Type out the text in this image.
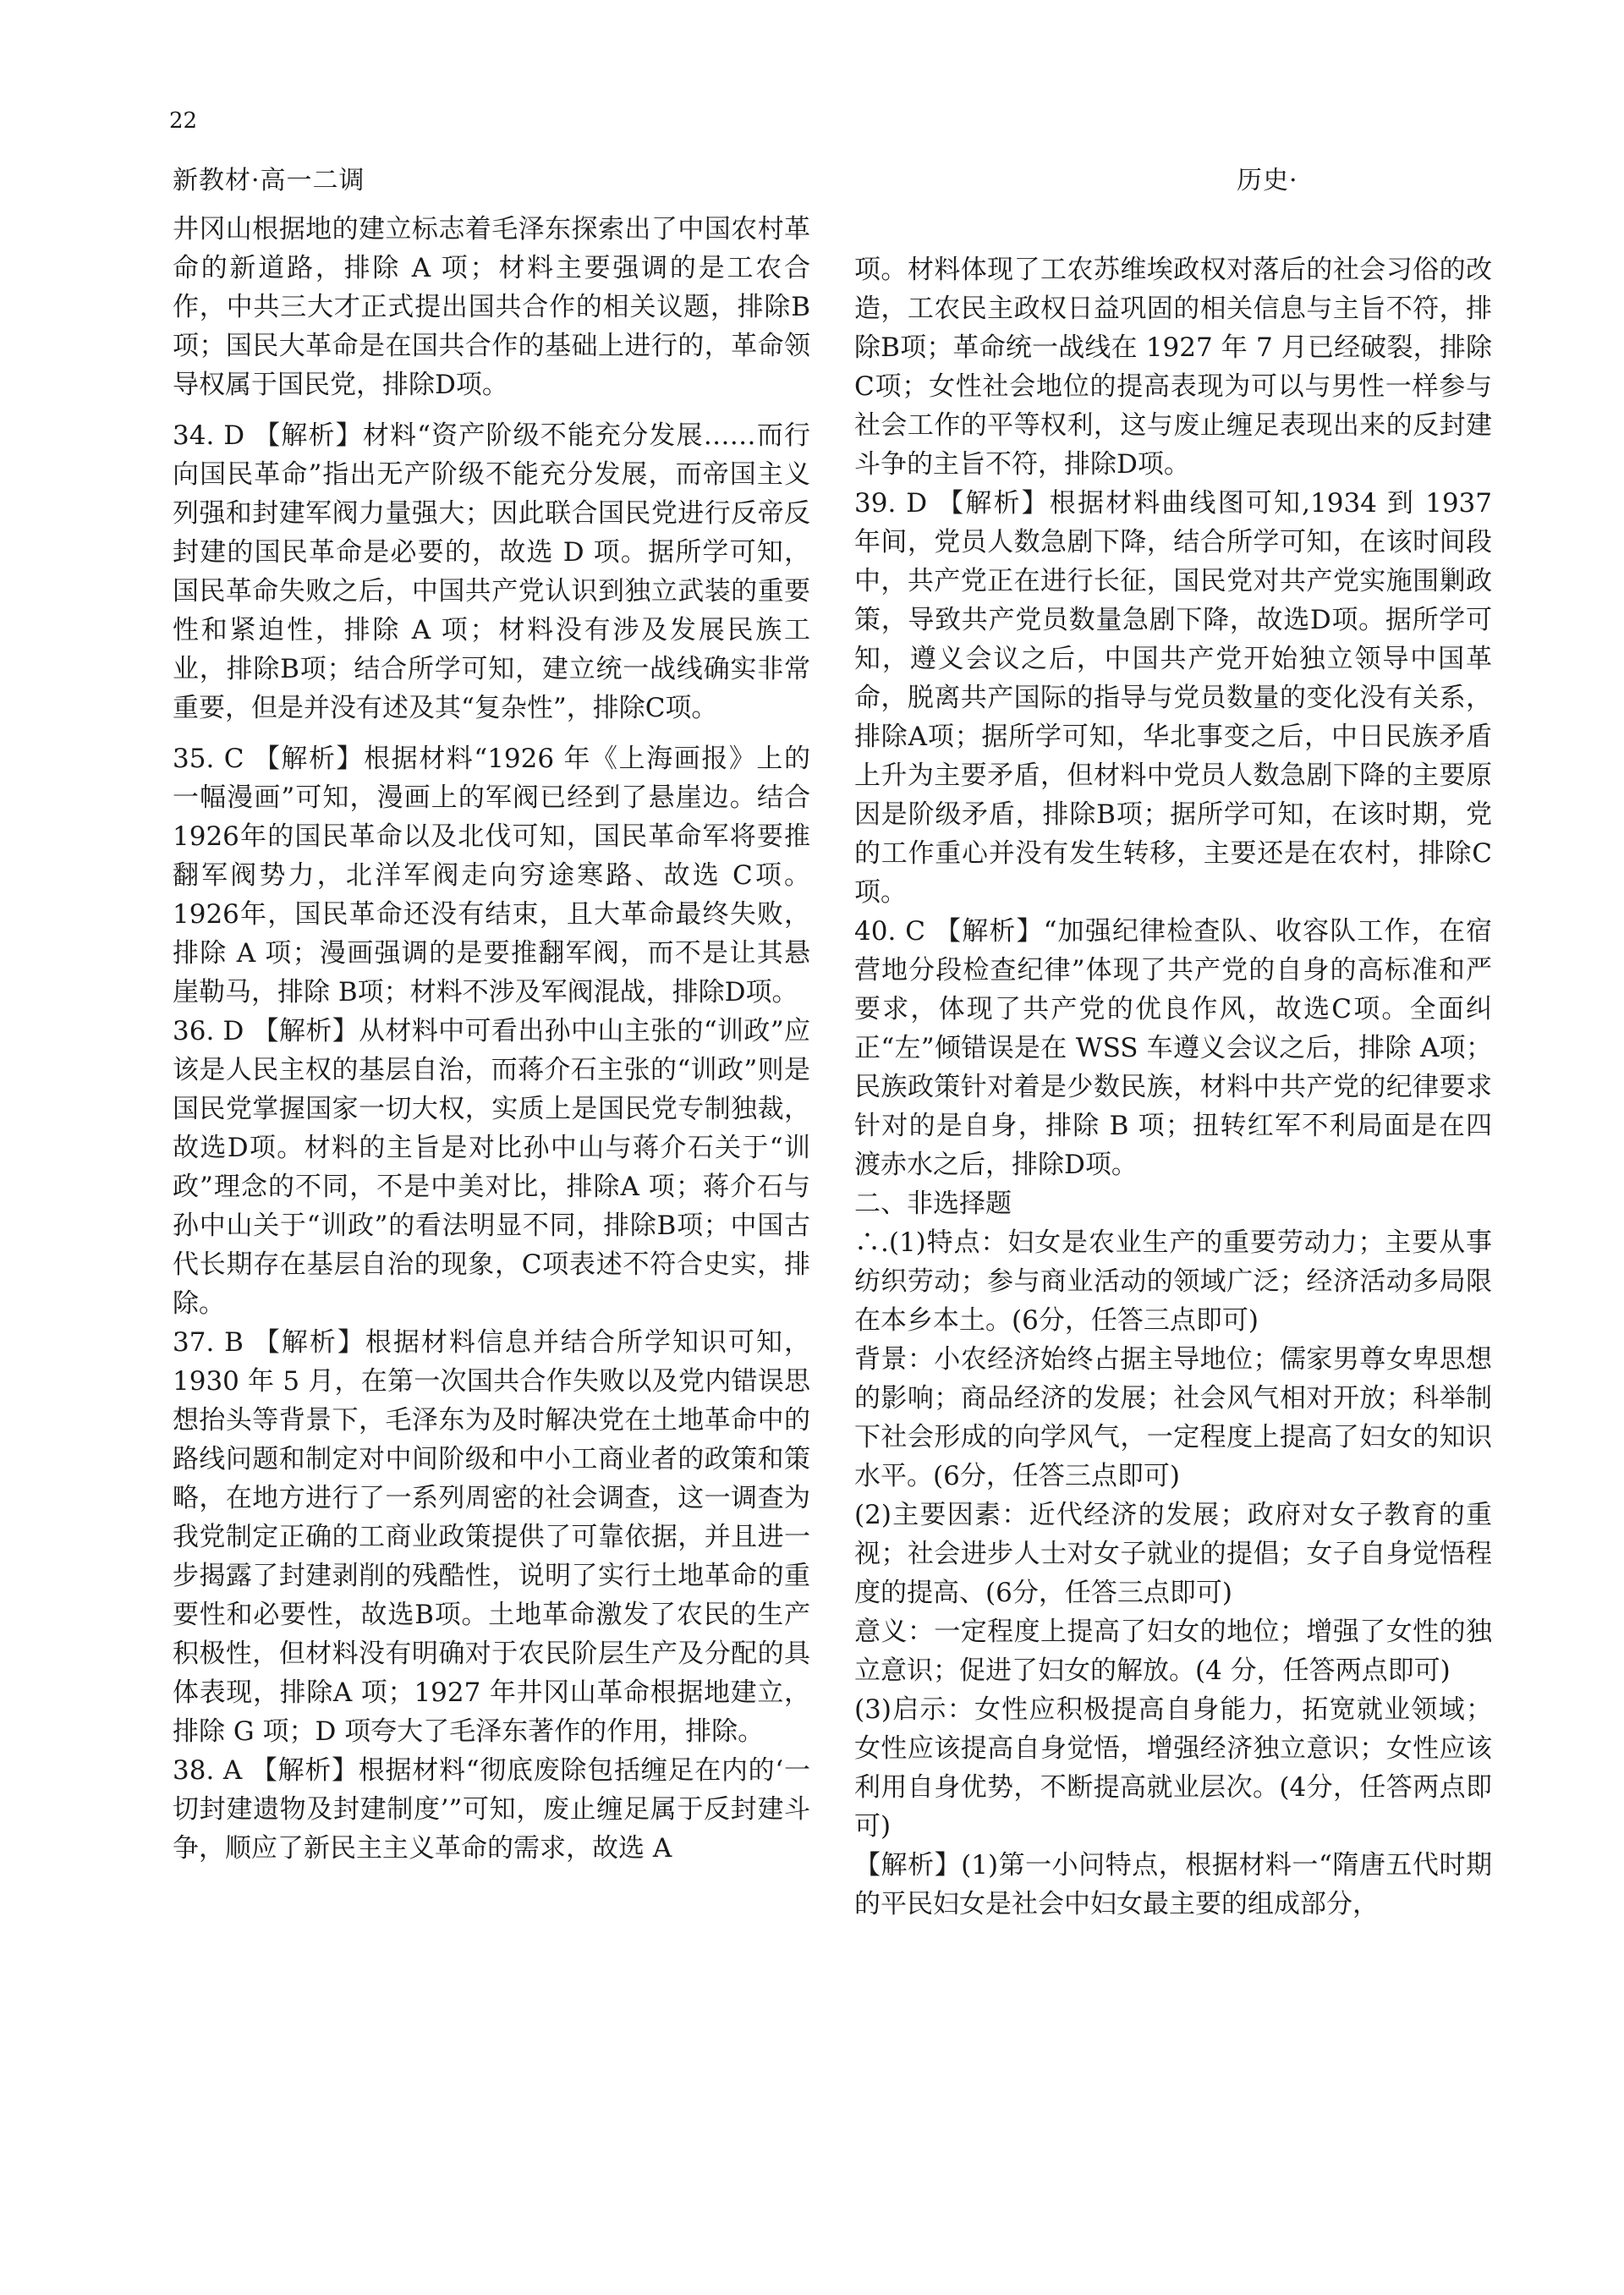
22
新教材·高一二调	历史·

井冈山根据地的建立标志着毛泽东探索出了中国农村革命的新道路，排除 A 项；材料主要强调的是工农合作，中共三大才正式提出国共合作的相关议题，排除B项；国民大革命是在国共合作的基础上进行的，革命领导权属于国民党，排除D项。

34. D 【解析】材料“资产阶级不能充分发展……而行向国民革命”指出无产阶级不能充分发展，而帝国主义列强和封建军阀力量强大；因此联合国民党进行反帝反封建的国民革命是必要的，故选 D 项。据所学可知，国民革命失败之后，中国共产党认识到独立武装的重要性和紧迫性，排除 A 项；材料没有涉及发展民族工业，排除B项；结合所学可知，建立统一战线确实非常重要，但是并没有述及其“复杂性”，排除C项。

35. C 【解析】根据材料“1926 年《上海画报》上的一幅漫画”可知，漫画上的军阀已经到了悬崖边。结合1926年的国民革命以及北伐可知，国民革命军将要推翻军阀势力，北洋军阀走向穷途寒路、故选 C项。1926年，国民革命还没有结束，且大革命最终失败，排除 A 项；漫画强调的是要推翻军阀，而不是让其悬崖勒马，排除 B项；材料不涉及军阀混战，排除D项。

36. D 【解析】从材料中可看出孙中山主张的“训政”应该是人民主权的基层自治，而蒋介石主张的“训政”则是国民党掌握国家一切大权，实质上是国民党专制独裁，故选D项。材料的主旨是对比孙中山与蒋介石关于“训政”理念的不同，不是中美对比，排除A 项；蒋介石与孙中山关于“训政”的看法明显不同，排除B项；中国古代长期存在基层自治的现象，C项表述不符合史实，排除。

37. B 【解析】根据材料信息并结合所学知识可知，1930 年 5 月，在第一次国共合作失败以及党内错误思想抬头等背景下，毛泽东为及时解决党在土地革命中的路线问题和制定对中间阶级和中小工商业者的政策和策略，在地方进行了一系列周密的社会调查，这一调查为我党制定正确的工商业政策提供了可靠依据，并且进一步揭露了封建剥削的残酷性，说明了实行土地革命的重要性和必要性，故选B项。土地革命激发了农民的生产积极性，但材料没有明确对于农民阶层生产及分配的具体表现，排除A 项；1927 年井冈山革命根据地建立，排除 G 项；D 项夸大了毛泽东著作的作用，排除。

38. A 【解析】根据材料“彻底废除包括缠足在内的‘一切封建遗物及封建制度’”可知，废止缠足属于反封建斗争，顺应了新民主主义革命的需求，故选 A

项。材料体现了工农苏维埃政权对落后的社会习俗的改造，工农民主政权日益巩固的相关信息与主旨不符，排除B项；革命统一战线在 1927 年 7 月已经破裂，排除C项；女性社会地位的提高表现为可以与男性一样参与社会工作的平等权利，这与废止缠足表现出来的反封建斗争的主旨不符，排除D项。

39. D 【解析】根据材料曲线图可知,1934 到 1937 年间，党员人数急剧下降，结合所学可知，在该时间段中，共产党正在进行长征，国民党对共产党实施围剿政策，导致共产党员数量急剧下降，故选D项。据所学可知，遵义会议之后，中国共产党开始独立领导中国革命，脱离共产国际的指导与党员数量的变化没有关系，排除A项；据所学可知，华北事变之后，中日民族矛盾上升为主要矛盾，但材料中党员人数急剧下降的主要原因是阶级矛盾，排除B项；据所学可知，在该时期，党的工作重心并没有发生转移，主要还是在农村，排除C项。

40. C 【解析】“加强纪律检查队、收容队工作，在宿营地分段检查纪律”体现了共产党的自身的高标准和严要求，体现了共产党的优良作风，故选C项。全面纠正“左”倾错误是在 WSS 车遵义会议之后，排除 A项；民族政策针对着是少数民族，材料中共产党的纪律要求针对的是自身，排除 B 项；扭转红军不利局面是在四渡赤水之后，排除D项。

二、非选择题

∴.(1)特点：妇女是农业生产的重要劳动力；主要从事纺织劳动；参与商业活动的领域广泛；经济活动多局限在本乡本土。(6分，任答三点即可)

背景：小农经济始终占据主导地位；儒家男尊女卑思想的影响；商品经济的发展；社会风气相对开放；科举制下社会形成的向学风气，一定程度上提高了妇女的知识水平。(6分，任答三点即可)

(2)主要因素：近代经济的发展；政府对女子教育的重视；社会进步人士对女子就业的提倡；女子自身觉悟程度的提高、(6分，任答三点即可)

意义：一定程度上提高了妇女的地位；增强了女性的独立意识；促进了妇女的解放。(4 分，任答两点即可)

(3)启示：女性应积极提高自身能力，拓宽就业领域；女性应该提高自身觉悟，增强经济独立意识；女性应该利用自身优势，不断提高就业层次。(4分，任答两点即可)

【解析】(1)第一小问特点，根据材料一“隋唐五代时期的平民妇女是社会中妇女最主要的组成部分，
